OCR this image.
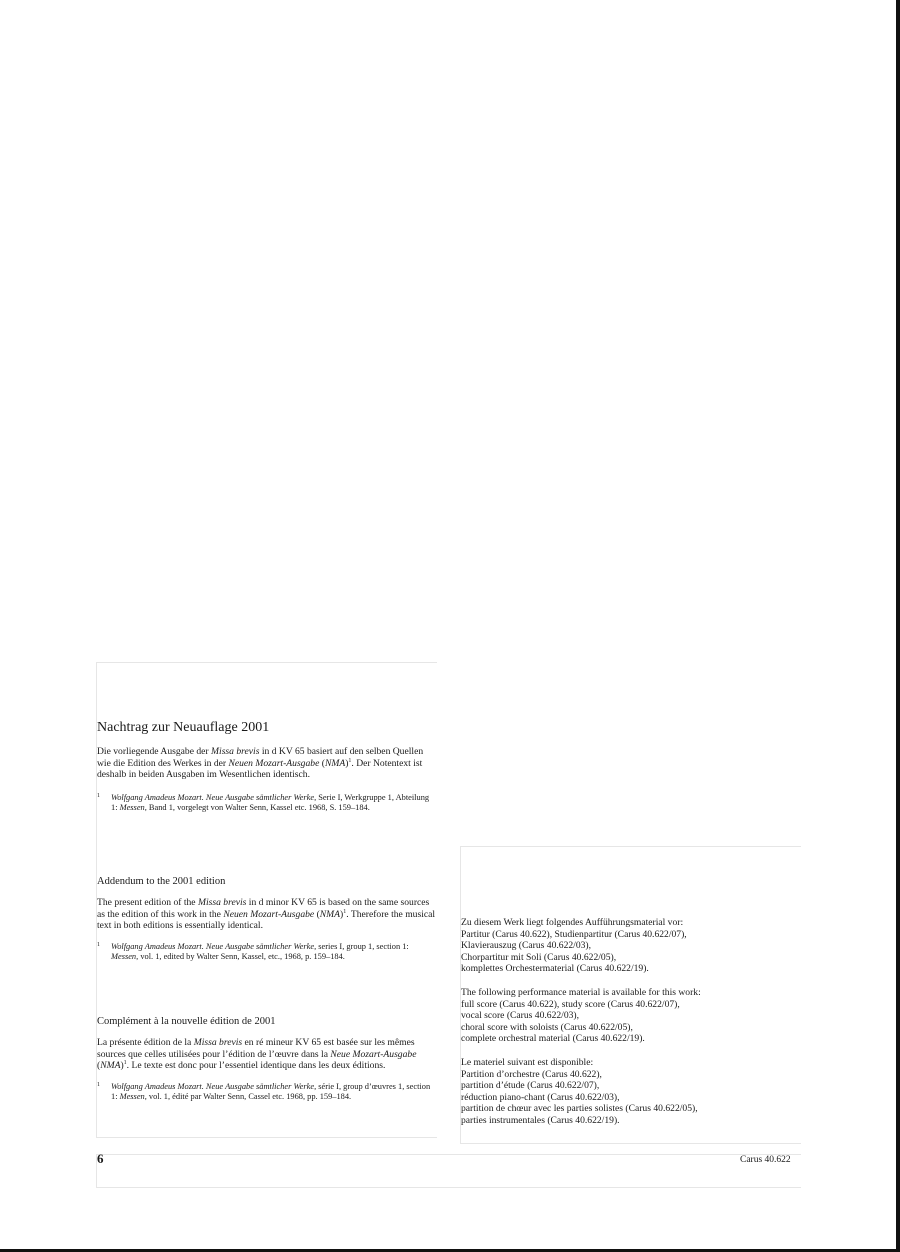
Nachtrag zur Neuauflage 2001

Die vorliegende Ausgabe der Missa brevis in d KV 65 basiert auf den selben Quellen wie die Edition des Werkes in der Neuen Mozart-Ausgabe (NMA)$^1$. Der Notentext ist deshalb in beiden Ausgaben im Wesentlichen identisch.

1 Wolfgang Amadeus Mozart. Neue Ausgabe sämtlicher Werke, Serie I, Werkgruppe 1, Abteilung 1: Messen, Band 1, vorgelegt von Walter Senn, Kassel etc. 1968, S. 159–184.

Addendum to the 2001 edition

The present edition of the Missa brevis in d minor KV 65 is based on the same sources as the edition of this work in the Neuen Mozart-Ausgabe (NMA)$^1$. Therefore the musical text in both editions is essentially identical.

1 Wolfgang Amadeus Mozart. Neue Ausgabe sämtlicher Werke, series I, group 1, section 1: Messen, vol. 1, edited by Walter Senn, Kassel, etc., 1968, p. 159–184.

Complément à la nouvelle édition de 2001

La présente édition de la Missa brevis en ré mineur KV 65 est basée sur les mêmes sources que celles utilisées pour l’édition de l’œuvre dans la Neue Mozart-Ausgabe (NMA)$^1$. Le texte est donc pour l’essentiel identique dans les deux éditions.

1 Wolfgang Amadeus Mozart. Neue Ausgabe sämtlicher Werke, série I, group d’œuvres 1, section 1: Messen, vol. 1, édité par Walter Senn, Cassel etc. 1968, pp. 159–184.

Zu diesem Werk liegt folgendes Aufführungsmaterial vor:
Partitur (Carus 40.622), Studienpartitur (Carus 40.622/07),
Klavierauszug (Carus 40.622/03),
Chorpartitur mit Soli (Carus 40.622/05),
komplettes Orchestermaterial (Carus 40.622/19).
The following performance material is available for this work:
full score (Carus 40.622), study score (Carus 40.622/07),
vocal score (Carus 40.622/03),
choral score with soloists (Carus 40.622/05),
complete orchestral material (Carus 40.622/19).
Le materiel suivant est disponible:
Partition d’orchestre (Carus 40.622),
partition d’étude (Carus 40.622/07),
réduction piano-chant (Carus 40.622/03),
partition de chœur avec les parties solistes (Carus 40.622/05),
parties instrumentales (Carus 40.622/19).
6	Carus 40.622
